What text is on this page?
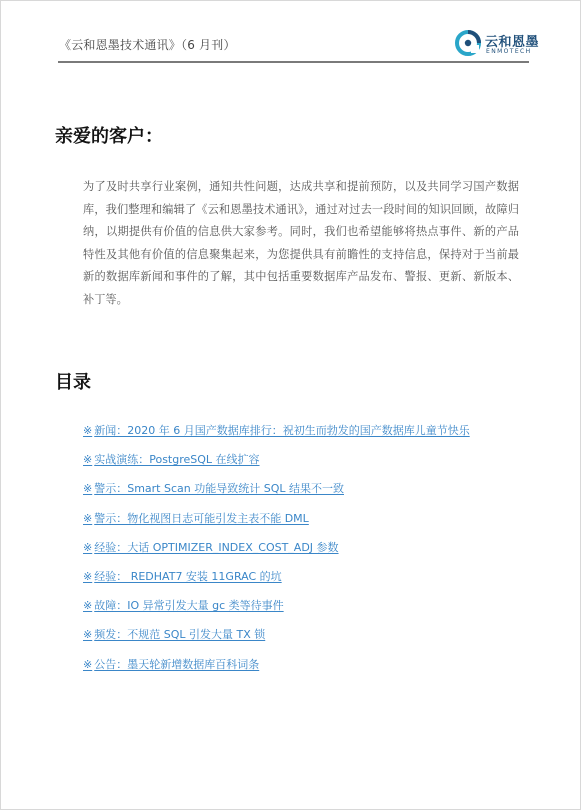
《云和恩墨技术通讯》（6 月刊）	云和恩墨
ENMOTECH
亲爱的客户：

为了及时共享行业案例，通知共性问题，达成共享和提前预防，以及共同学习国产数据库，我们整理和编辑了《云和恩墨技术通讯》，通过对过去一段时间的知识回顾，故障归纳，以期提供有价值的信息供大家参考。同时，我们也希望能够将热点事件、新的产品特性及其他有价值的信息聚集起来，为您提供具有前瞻性的支持信息，保持对于当前最新的数据库新闻和事件的了解，其中包括重要数据库产品发布、警报、更新、新版本、补丁等。

目录
※ 新闻：2020 年 6 月国产数据库排行：祝初生而勃发的国产数据库儿童节快乐
※ 实战演练：PostgreSQL 在线扩容
※ 警示：Smart Scan 功能导致统计 SQL 结果不一致
※ 警示：物化视图日志可能引发主表不能 DML
※ 经验：大话 OPTIMIZER_INDEX_COST_ADJ 参数
※ 经验： REDHAT7 安装 11GRAC 的坑
※ 故障：IO 异常引发大量 gc 类等待事件
※ 频发：不规范 SQL 引发大量 TX 锁
※ 公告：墨天轮新增数据库百科词条
